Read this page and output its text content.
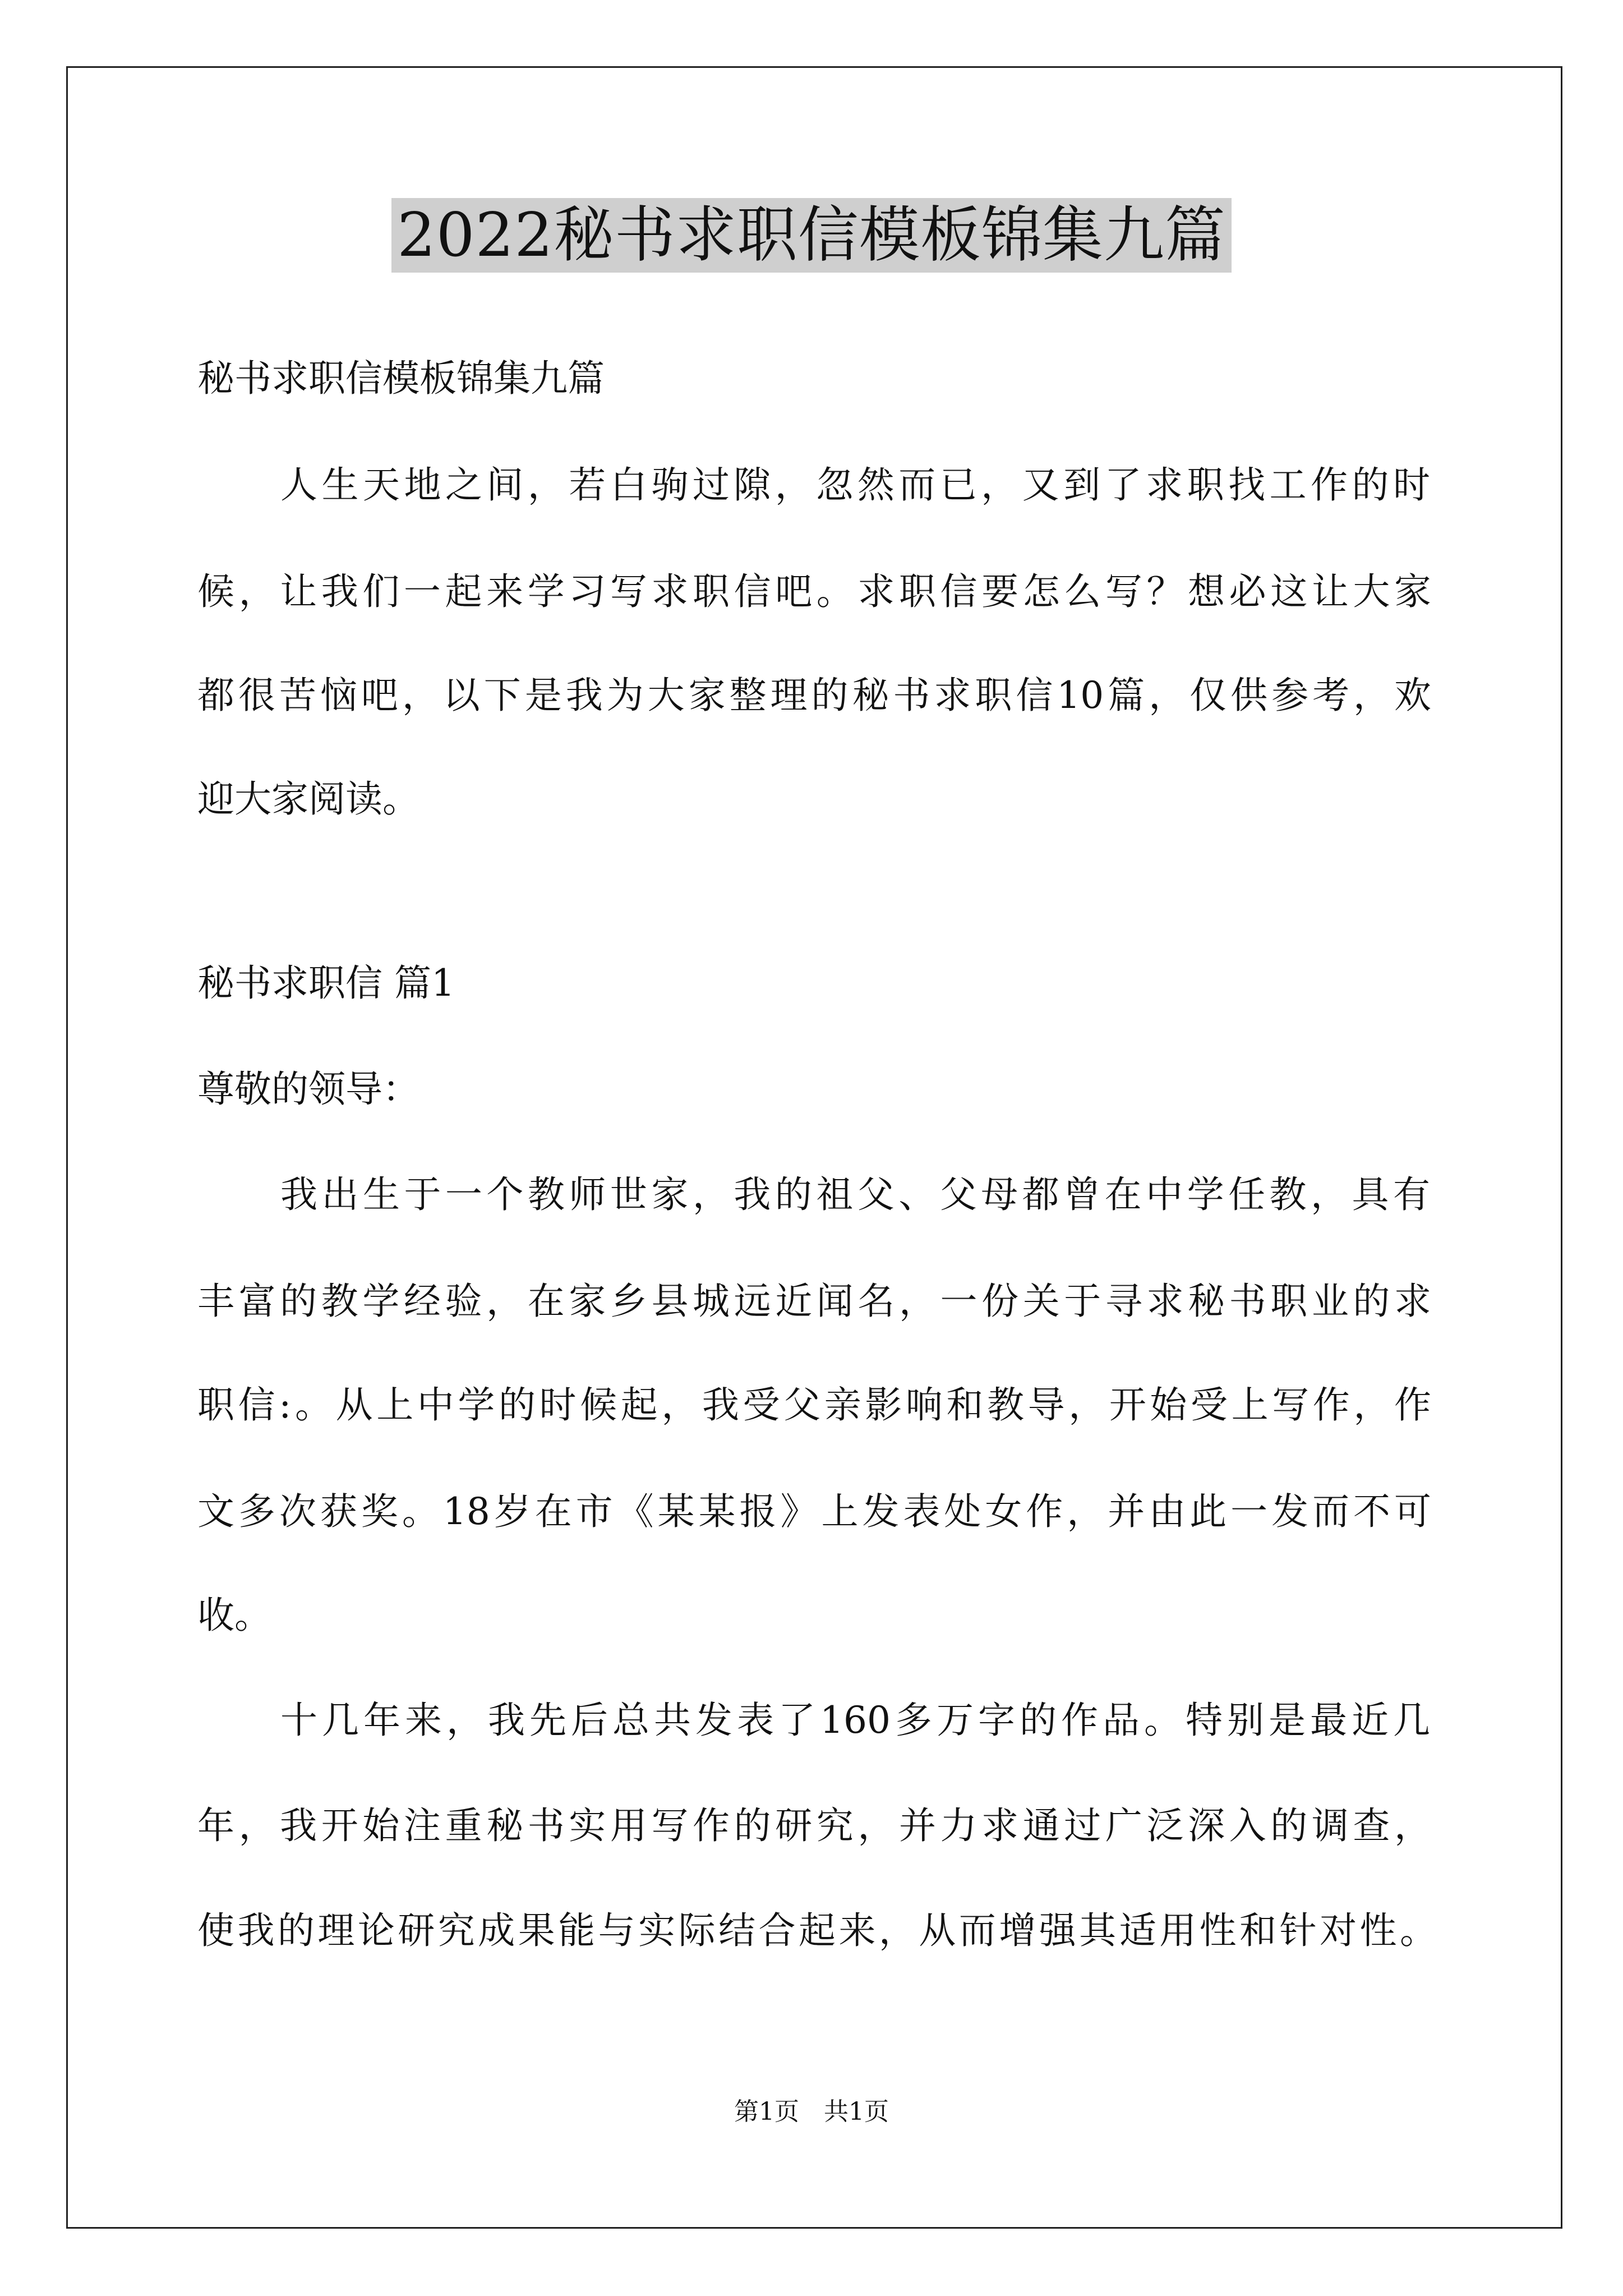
2022秘书求职信模板锦集九篇
秘书求职信模板锦集九篇
人生天地之间，若白驹过隙，忽然而已，又到了求职找工作的时
候，让我们一起来学习写求职信吧。求职信要怎么写？想必这让大家
都很苦恼吧，以下是我为大家整理的秘书求职信10篇，仅供参考，欢
迎大家阅读。
秘书求职信 篇1
尊敬的领导：
我出生于一个教师世家，我的祖父、父母都曾在中学任教，具有
丰富的教学经验，在家乡县城远近闻名，一份关于寻求秘书职业的求
职信:。从上中学的时候起，我受父亲影响和教导，开始受上写作，作
文多次获奖。18岁在市《某某报》上发表处女作，并由此一发而不可
收。
十几年来，我先后总共发表了160多万字的作品。特别是最近几
年，我开始注重秘书实用写作的研究，并力求通过广泛深入的调查，
使我的理论研究成果能与实际结合起来，从而增强其适用性和针对性。
第1页　共1页
